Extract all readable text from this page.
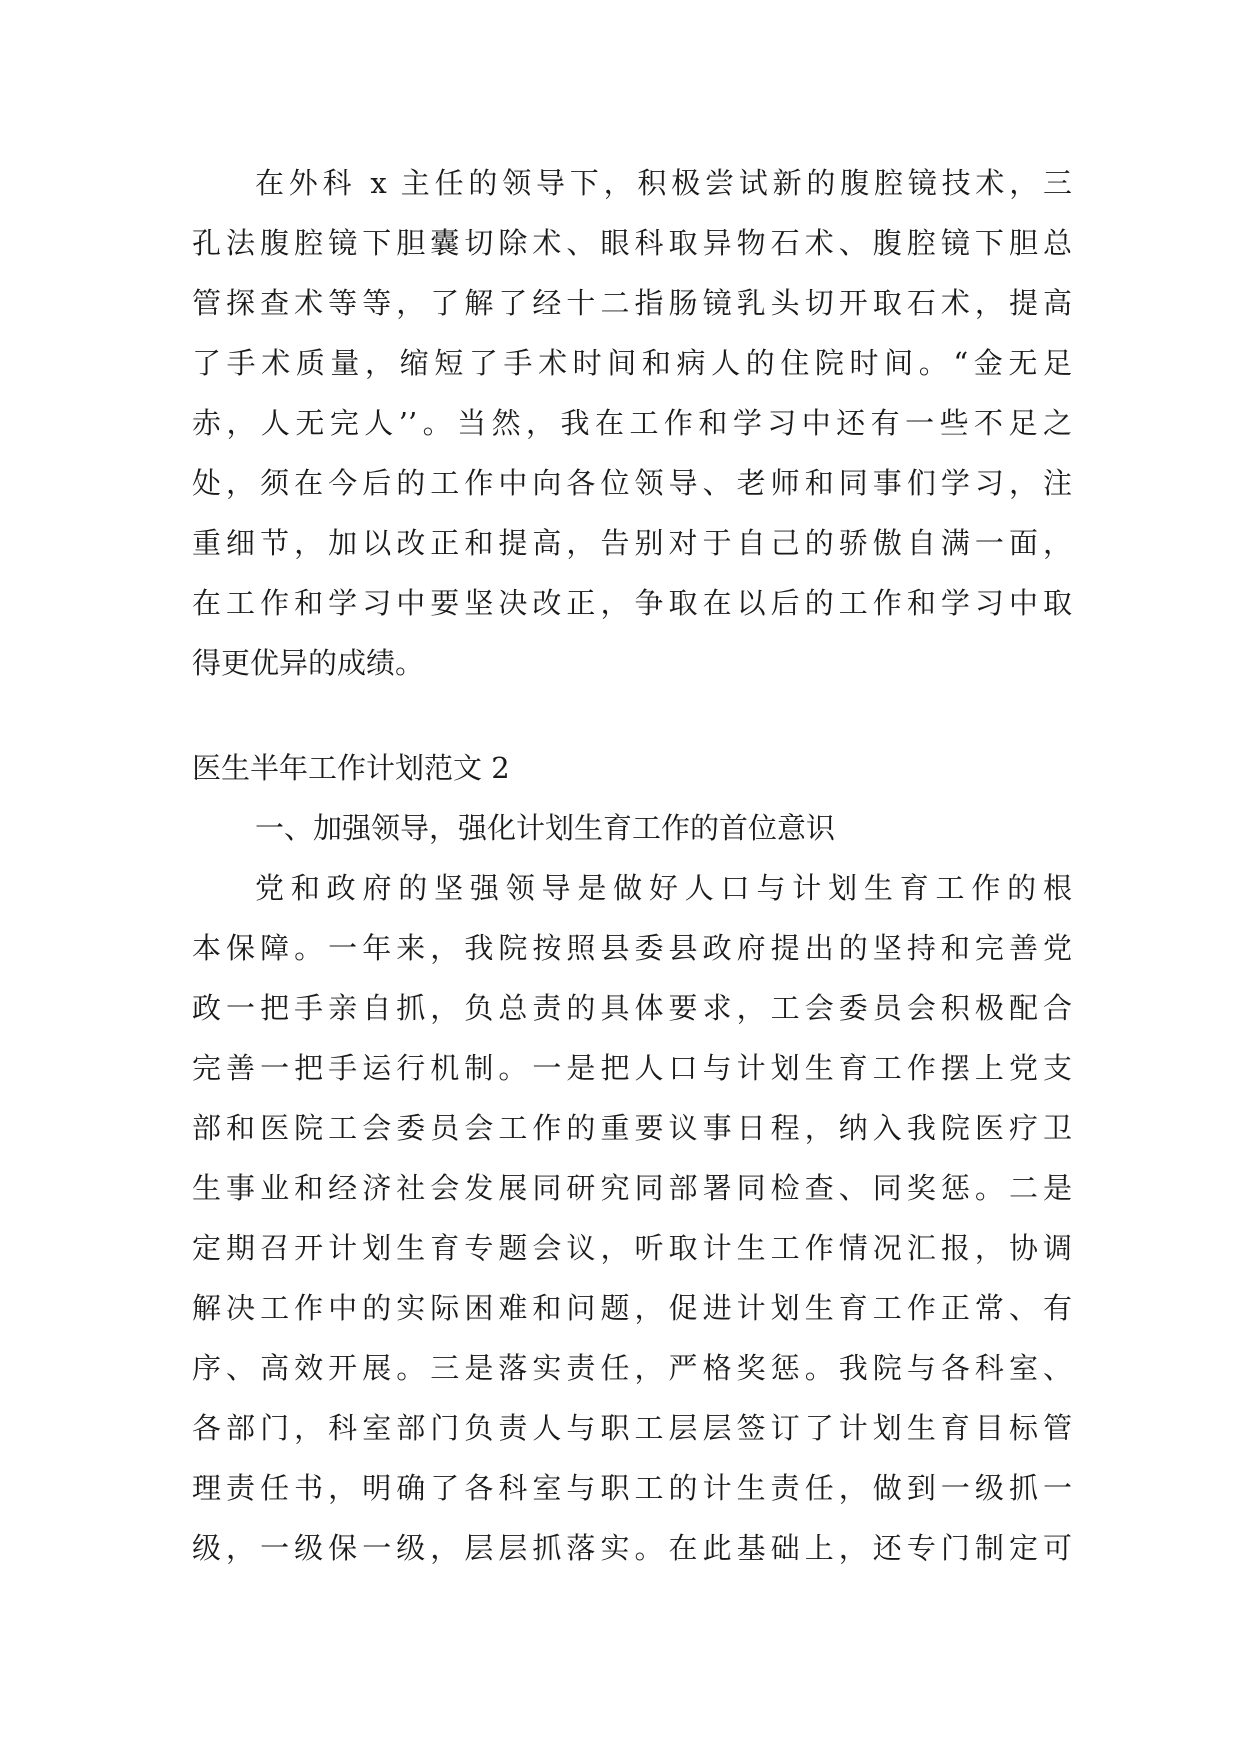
在外科 x 主任的领导下，积极尝试新的腹腔镜技术，三

孔法腹腔镜下胆囊切除术、眼科取异物石术、腹腔镜下胆总

管探查术等等，了解了经十二指肠镜乳头切开取石术，提高

了手术质量，缩短了手术时间和病人的住院时间。“金无足

赤，人无完人’’。当然，我在工作和学习中还有一些不足之

处，须在今后的工作中向各位领导、老师和同事们学习，注

重细节，加以改正和提高，告别对于自己的骄傲自满一面，

在工作和学习中要坚决改正，争取在以后的工作和学习中取

得更优异的成绩。

医生半年工作计划范文 2

一、加强领导，强化计划生育工作的首位意识

党和政府的坚强领导是做好人口与计划生育工作的根

本保障。一年来，我院按照县委县政府提出的坚持和完善党

政一把手亲自抓，负总责的具体要求，工会委员会积极配合

完善一把手运行机制。一是把人口与计划生育工作摆上党支

部和医院工会委员会工作的重要议事日程，纳入我院医疗卫

生事业和经济社会发展同研究同部署同检查、同奖惩。二是

定期召开计划生育专题会议，听取计生工作情况汇报，协调

解决工作中的实际困难和问题，促进计划生育工作正常、有

序、高效开展。三是落实责任，严格奖惩。我院与各科室、

各部门，科室部门负责人与职工层层签订了计划生育目标管

理责任书，明确了各科室与职工的计生责任，做到一级抓一

级，一级保一级，层层抓落实。在此基础上，还专门制定可
